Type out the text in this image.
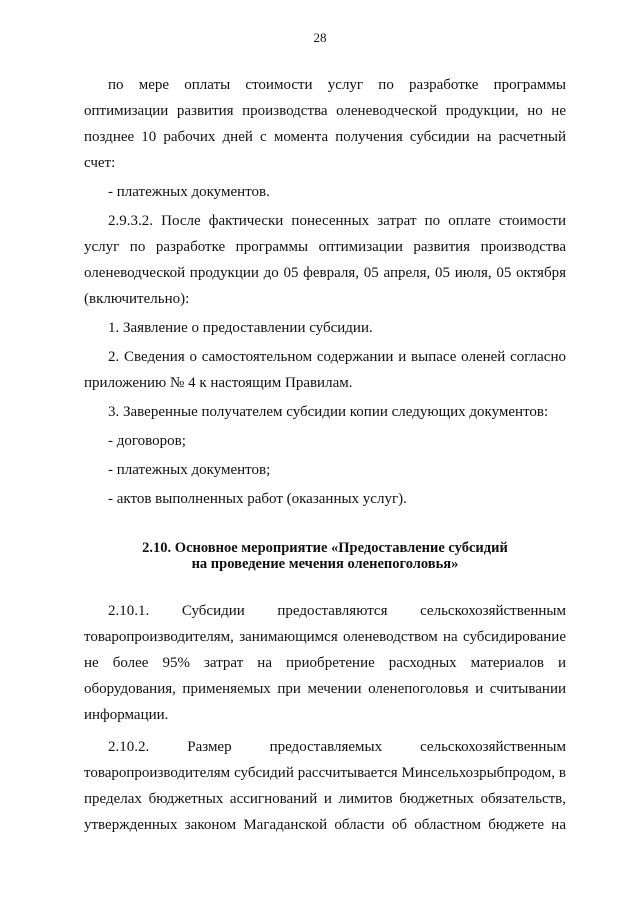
28

по мере оплаты стоимости услуг по разработке программы оптимизации развития производства оленеводческой продукции, но не позднее 10 рабочих дней с момента получения субсидии на расчетный счет:

- платежных документов.

2.9.3.2. После фактически понесенных затрат по оплате стоимости услуг по разработке программы оптимизации развития производства оленеводческой продукции до 05 февраля, 05 апреля, 05 июля, 05 октября (включительно):

1. Заявление о предоставлении субсидии.

2. Сведения о самостоятельном содержании и выпасе оленей согласно приложению № 4 к настоящим Правилам.

3. Заверенные получателем субсидии копии следующих документов:

- договоров;

- платежных документов;

- актов выполненных работ (оказанных услуг).

2.10. Основное мероприятие «Предоставление субсидий
на проведение мечения оленепоголовья»

2.10.1. Субсидии предоставляются сельскохозяйственным товаропроизводителям, занимающимся оленеводством на субсидирование не более 95% затрат на приобретение расходных материалов и оборудования, применяемых при мечении оленепоголовья и считывании информации.

2.10.2. Размер предоставляемых сельскохозяйственным товаропроизводителям субсидий рассчитывается Минсельхозрыбпродом, в пределах бюджетных ассигнований и лимитов бюджетных обязательств, утвержденных законом Магаданской области об областном бюджете на
